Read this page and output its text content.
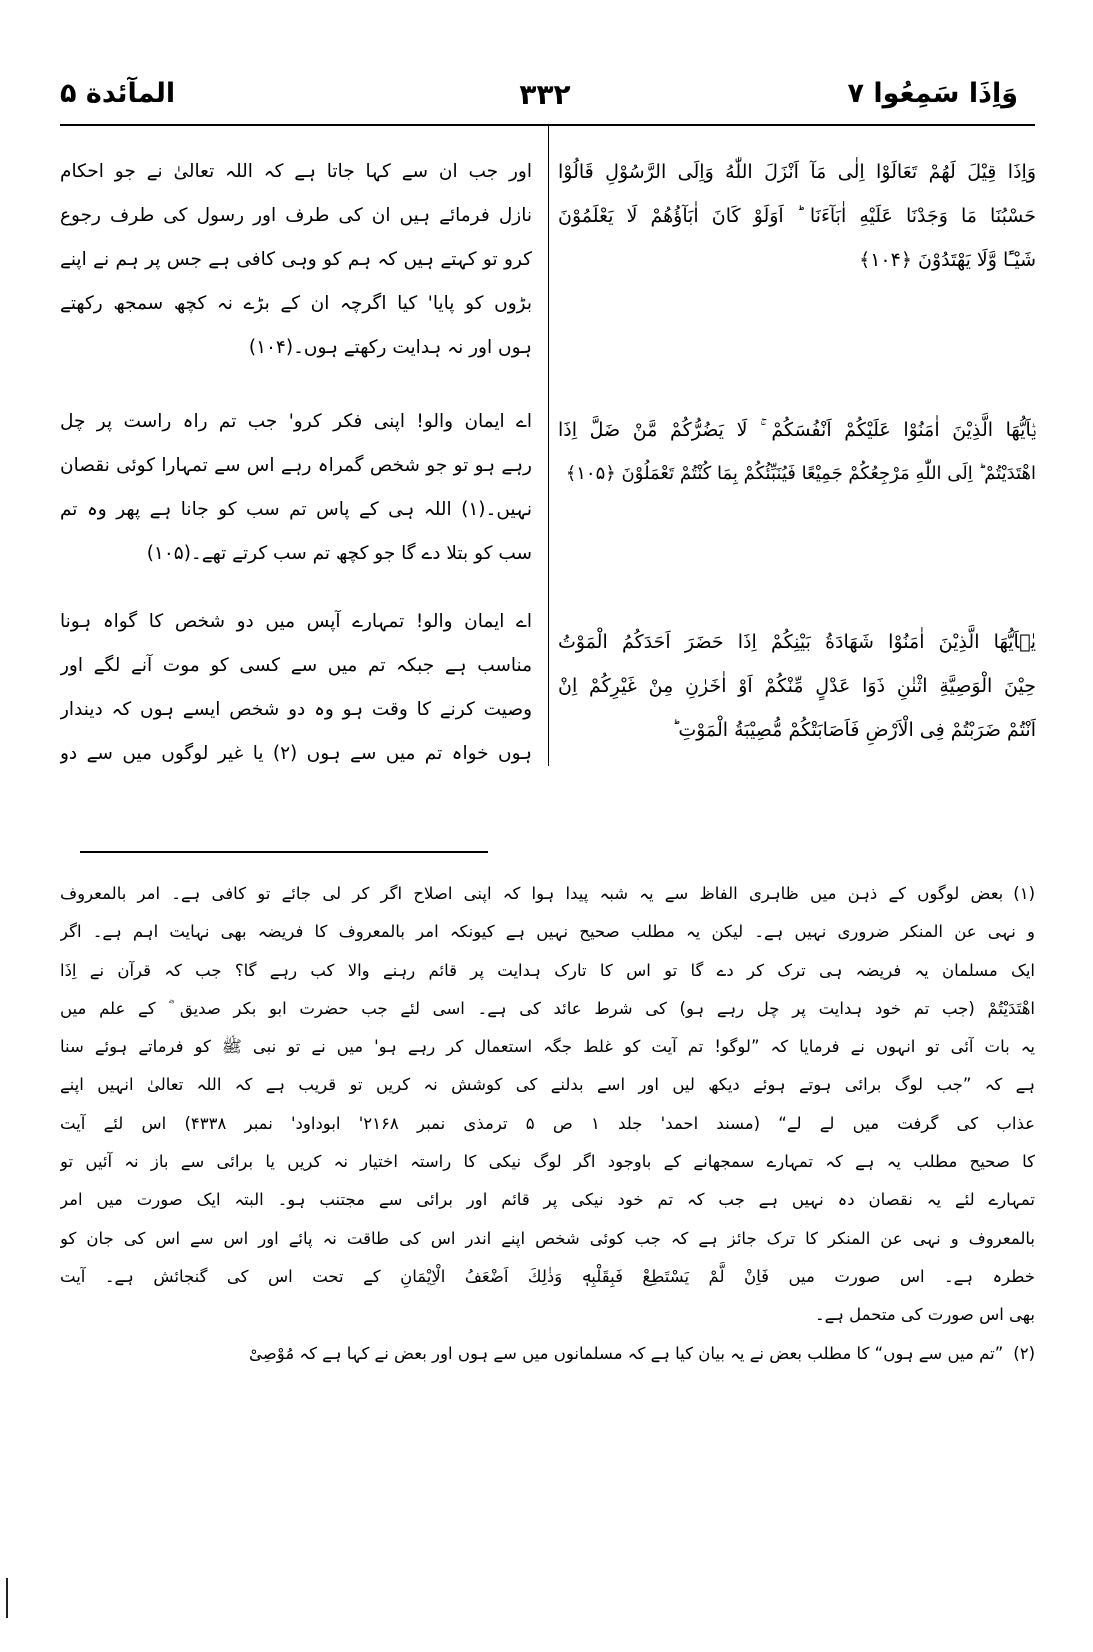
المآئدة ۵	۳۳۲	وَاِذَا سَمِعُوا ۷
وَاِذَا قِيْلَ لَهُمْ تَعَالَوْا اِلٰى مَآ اَنْزَلَ اللّٰهُ وَاِلَى الرَّسُوْلِ قَالُوْا
حَسْبُنَا مَا وَجَدْنَا عَلَيْهِ اٰبَآءَنَا ؕ اَوَلَوْ كَانَ اٰبَآؤُهُمْ لَا يَعْلَمُوْنَ
شَيْـًٔا وَّلَا يَهْتَدُوْنَ ﴿۱۰۴﴾
يٰۤاَيُّهَا الَّذِيْنَ اٰمَنُوْا عَلَيْكُمْ اَنْفُسَكُمْ ۚ لَا يَضُرُّكُمْ مَّنْ ضَلَّ اِذَا
اهْتَدَيْتُمْ ؕ اِلَى اللّٰهِ مَرْجِعُكُمْ جَمِيْعًا فَيُنَبِّئُكُمْ بِمَا كُنْتُمْ تَعْمَلُوْنَ ﴿۱۰۵﴾
يٰۤاَيُّهَا الَّذِيْنَ اٰمَنُوْا شَهَادَةُ بَيْنِكُمْ اِذَا حَضَرَ اَحَدَكُمُ الْمَوْتُ
حِيْنَ الْوَصِيَّةِ اثْنٰنِ ذَوَا عَدْلٍ مِّنْكُمْ اَوْ اٰخَرٰنِ مِنْ غَيْرِكُمْ اِنْ
اَنْتُمْ ضَرَبْتُمْ فِى الْاَرْضِ فَاَصَابَتْكُمْ مُّصِيْبَةُ الْمَوْتِ ؕ
اور جب ان سے کہا جاتا ہے کہ اللہ تعالیٰ نے جو احکام
نازل فرمائے ہیں ان کی طرف اور رسول کی طرف رجوع
کرو تو کہتے ہیں کہ ہم کو وہی کافی ہے جس پر ہم نے اپنے
بڑوں کو پایا' کیا اگرچہ ان کے بڑے نہ کچھ سمجھ رکھتے
ہوں اور نہ ہدایت رکھتے ہوں۔(۱۰۴)
اے ایمان والو! اپنی فکر کرو' جب تم راہ راست پر چل
رہے ہو تو جو شخص گمراہ رہے اس سے تمہارا کوئی نقصان
نہیں۔(۱) اللہ ہی کے پاس تم سب کو جانا ہے پھر وہ تم
سب کو بتلا دے گا جو کچھ تم سب کرتے تھے۔(۱۰۵)
اے ایمان والو! تمہارے آپس میں دو شخص کا گواہ ہونا
مناسب ہے جبکہ تم میں سے کسی کو موت آنے لگے اور
وصیت کرنے کا وقت ہو وہ دو شخص ایسے ہوں کہ دیندار
ہوں خواہ تم میں سے ہوں (۲) یا غیر لوگوں میں سے دو
(۱)بعض لوگوں کے ذہن میں ظاہری الفاظ سے یہ شبہ پیدا ہوا کہ اپنی اصلاح اگر کر لی جائے تو کافی ہے۔ امر بالمعروف
و نہی عن المنکر ضروری نہیں ہے۔ لیکن یہ مطلب صحیح نہیں ہے کیونکہ امر بالمعروف کا فریضہ بھی نہایت اہم ہے۔ اگر
ایک مسلمان یہ فریضہ ہی ترک کر دے گا تو اس کا تارک ہدایت پر قائم رہنے والا کب رہے گا؟ جب کہ قرآن نے اِذَا
اهْتَدَيْتُمْ (جب تم خود ہدایت پر چل رہے ہو) کی شرط عائد کی ہے۔ اسی لئے جب حضرت ابو بکر صدیق ؓ کے علم میں
یہ بات آئی تو انہوں نے فرمایا کہ ”لوگو! تم آیت کو غلط جگہ استعمال کر رہے ہو' میں نے تو نبی ﷺ کو فرماتے ہوئے سنا
ہے کہ ”جب لوگ برائی ہوتے ہوئے دیکھ لیں اور اسے بدلنے کی کوشش نہ کریں تو قریب ہے کہ اللہ تعالیٰ انہیں اپنے
عذاب کی گرفت میں لے لے“ (مسند احمد' جلد ۱ ص ۵ ترمذی نمبر ۲۱۶۸' ابوداود' نمبر ۴۳۳۸) اس لئے آیت
کا صحیح مطلب یہ ہے کہ تمہارے سمجھانے کے باوجود اگر لوگ نیکی کا راستہ اختیار نہ کریں یا برائی سے باز نہ آئیں تو
تمہارے لئے یہ نقصان دہ نہیں ہے جب کہ تم خود نیکی پر قائم اور برائی سے مجتنب ہو۔ البتہ ایک صورت میں امر
بالمعروف و نہی عن المنکر کا ترک جائز ہے کہ جب کوئی شخص اپنے اندر اس کی طاقت نہ پائے اور اس سے اس کی جان کو
خطرہ ہے۔ اس صورت میں فَاِنْ لَّمْ يَسْتَطِعْ فَبِقَلْبِهٖ وَذٰلِكَ اَضْعَفُ الْاِيْمَانِ کے تحت اس کی گنجائش ہے۔ آیت
بھی اس صورت کی متحمل ہے۔
(۲)”تم میں سے ہوں“ کا مطلب بعض نے یہ بیان کیا ہے کہ مسلمانوں میں سے ہوں اور بعض نے کہا ہے کہ مُوْصِىْ
